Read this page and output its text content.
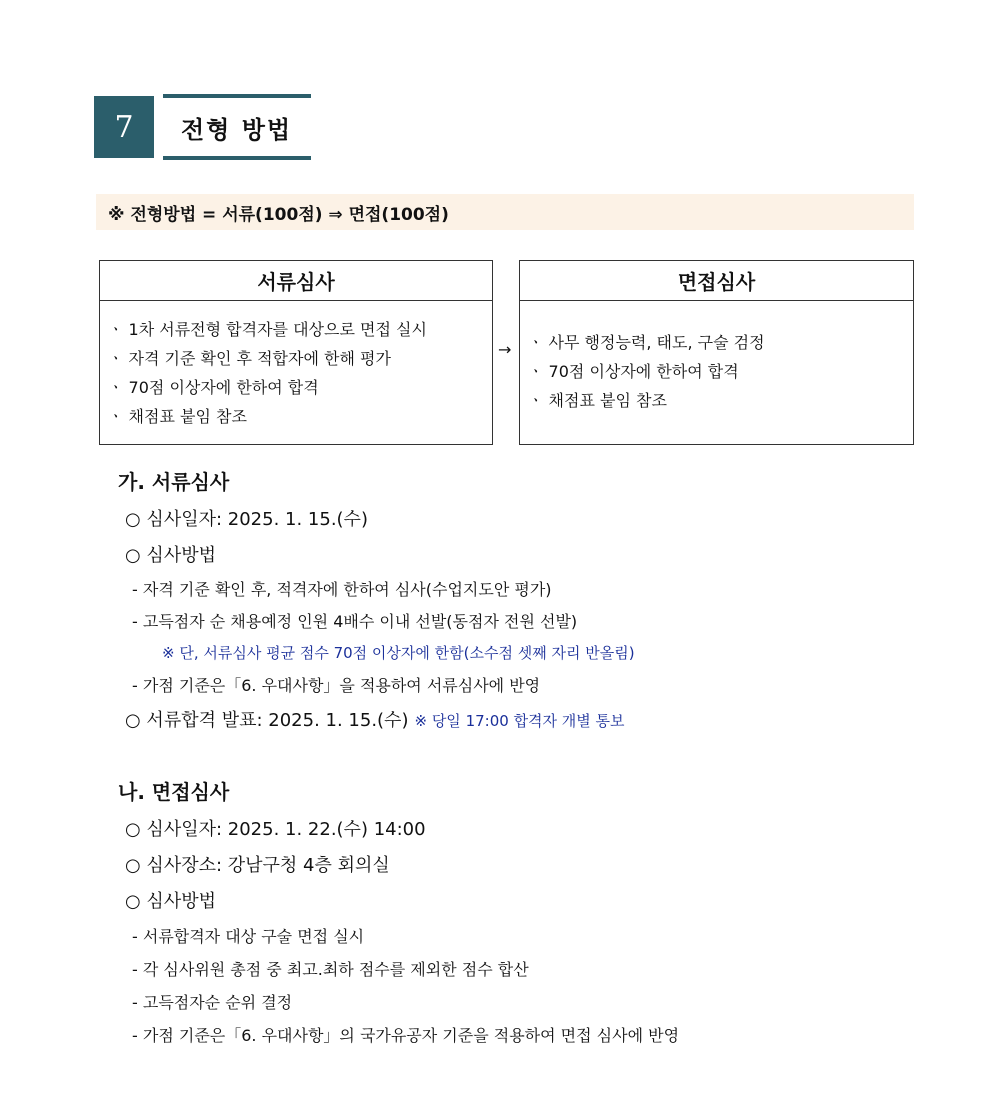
7	전형 방법
※ 전형방법 = 서류(100점) ⇒ 면접(100점)
서류심사
ㆍ 1차 서류전형 합격자를 대상으로 면접 실시
ㆍ 자격 기준 확인 후 적합자에 한해 평가
ㆍ 70점 이상자에 한하여 합격
ㆍ 채점표 붙임 참조
→
면접심사
ㆍ 사무 행정능력, 태도, 구술 검정
ㆍ 70점 이상자에 한하여 합격
ㆍ 채점표 붙임 참조
가. 서류심사
○ 심사일자: 2025. 1. 15.(수)
○ 심사방법
- 자격 기준 확인 후, 적격자에 한하여 심사(수업지도안 평가)
- 고득점자 순 채용예정 인원 4배수 이내 선발(동점자 전원 선발)
※ 단, 서류심사 평균 점수 70점 이상자에 한함(소수점 셋째 자리 반올림)
- 가점 기준은「6. 우대사항」을 적용하여 서류심사에 반영
○ 서류합격 발표: 2025. 1. 15.(수) ※ 당일 17:00 합격자 개별 통보
나. 면접심사
○ 심사일자: 2025. 1. 22.(수) 14:00
○ 심사장소: 강남구청 4층 회의실
○ 심사방법
- 서류합격자 대상 구술 면접 실시
- 각 심사위원 총점 중 최고.최하 점수를 제외한 점수 합산
- 고득점자순 순위 결정
- 가점 기준은「6. 우대사항」의 국가유공자 기준을 적용하여 면접 심사에 반영
